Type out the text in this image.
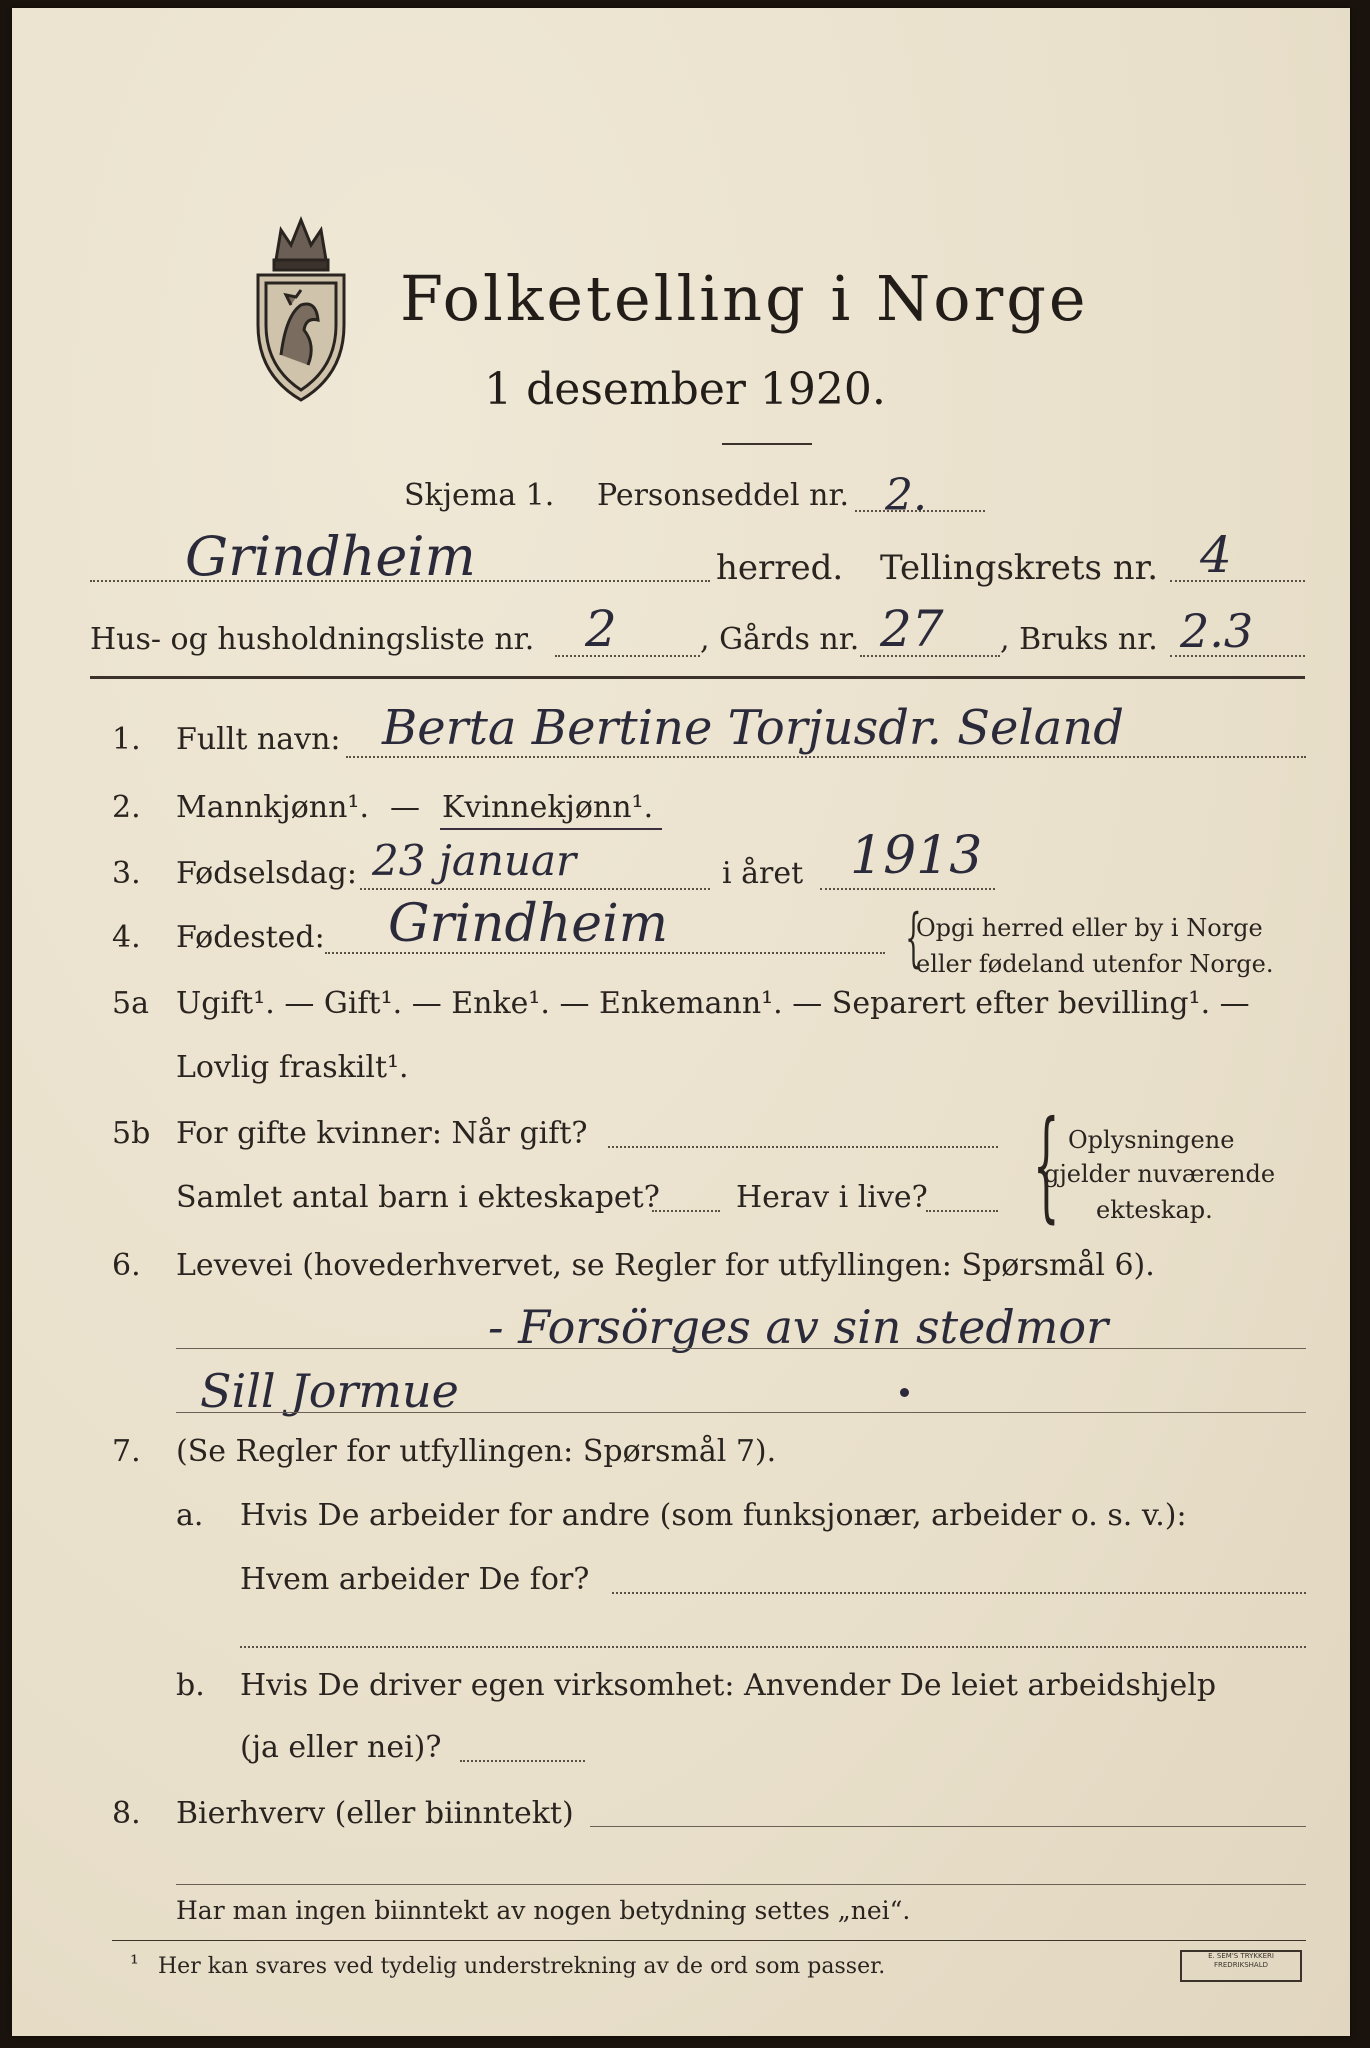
Folketelling i Norge
1 desember 1920.
Skjema 1. Personseddel nr. 2.
Grindheim	herred. Tellingskrets nr. 4
Hus- og husholdningsliste nr. 2	, Gårds nr. 27 , Bruks nr. 2.3
1. Fullt navn: Berta Bertine Torjusdr. Seland
2. Mannkjønn¹. — Kvinnekjønn¹.
3. Fødselsdag: 23 januar	i året 1913
4. Fødested: Grindheim	{
Opgi herred eller by i Norge
eller fødeland utenfor Norge.
5a Ugift¹. — Gift¹. — Enke¹. — Enkemann¹. — Separert efter bevilling¹. —
Lovlig fraskilt¹.
5b For gifte kvinner: Når gift?
Samlet antal barn i ekteskapet?	Herav i live? { Oplysningene
gjelder nuværende
ekteskap.
6. Levevei (hovederhvervet, se Regler for utfyllingen: Spørsmål 6).
- Forsörges av sin stedmor
Sill Jormue
7. (Se Regler for utfyllingen: Spørsmål 7).
a. Hvis De arbeider for andre (som funksjonær, arbeider o. s. v.):
Hvem arbeider De for?
b. Hvis De driver egen virksomhet: Anvender De leiet arbeidshjelp
(ja eller nei)?
8. Bierhverv (eller biinntekt)
Har man ingen biinntekt av nogen betydning settes „nei“.
¹ Her kan svares ved tydelig understrekning av de ord som passer.	E. SEM'S TRYKKERI FREDRIKSHALD
